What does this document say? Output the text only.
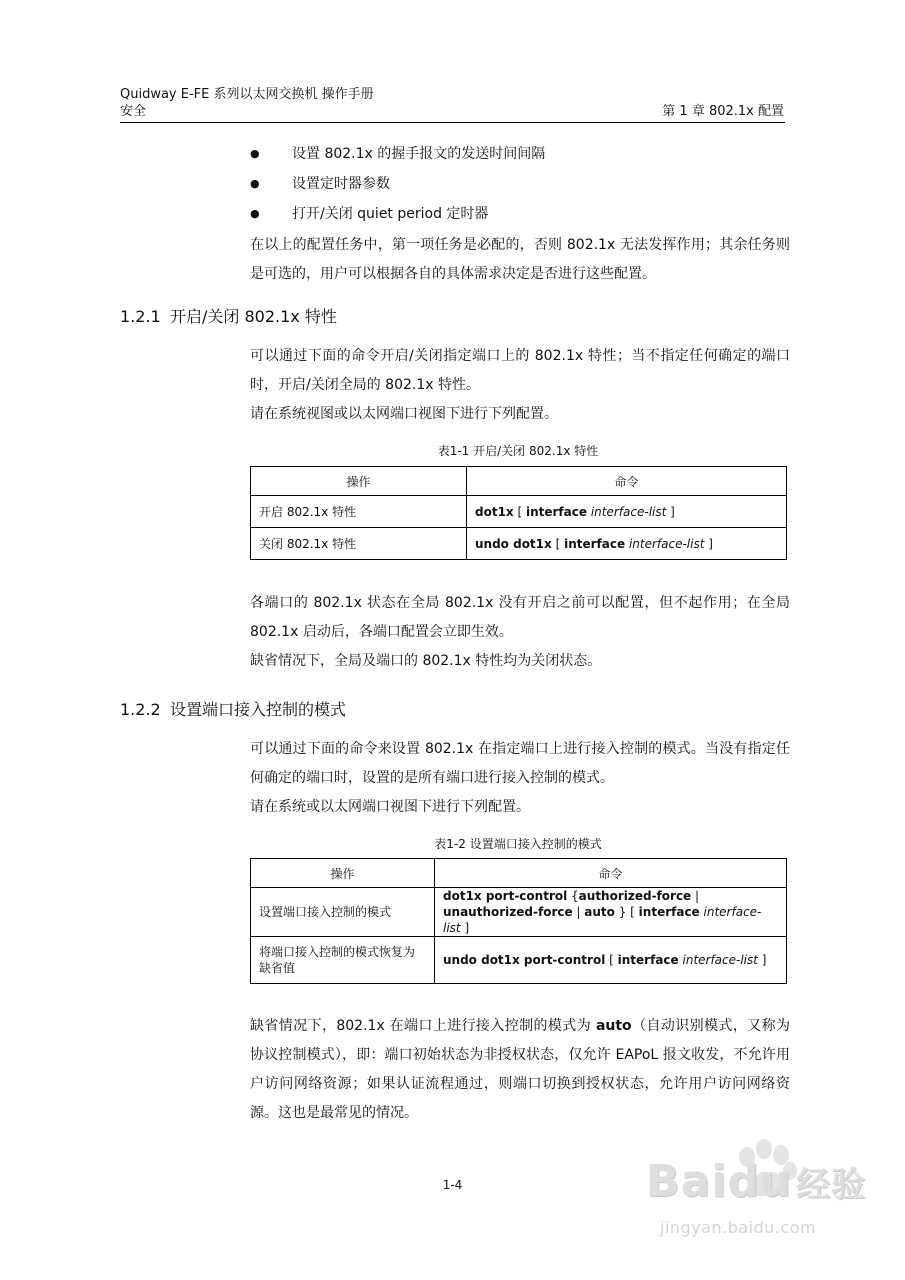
Quidway E-FE 系列以太网交换机 操作手册
安全	第 1 章 802.1x 配置
● 设置 802.1x 的握手报文的发送时间间隔
● 设置定时器参数
● 打开/关闭 quiet period 定时器
在以上的配置任务中，第一项任务是必配的，否则 802.1x 无法发挥作用；其余任务则是可选的，用户可以根据各自的具体需求决定是否进行这些配置。
1.2.1 开启/关闭 802.1x 特性
可以通过下面的命令开启/关闭指定端口上的 802.1x 特性；当不指定任何确定的端口时，开启/关闭全局的 802.1x 特性。
请在系统视图或以太网端口视图下进行下列配置。
表1-1 开启/关闭 802.1x 特性
操作	命令
开启 802.1x 特性	dot1x [ interface interface-list ]
关闭 802.1x 特性	undo dot1x [ interface interface-list ]
各端口的 802.1x 状态在全局 802.1x 没有开启之前可以配置，但不起作用；在全局 802.1x 启动后，各端口配置会立即生效。
缺省情况下，全局及端口的 802.1x 特性均为关闭状态。
1.2.2 设置端口接入控制的模式
可以通过下面的命令来设置 802.1x 在指定端口上进行接入控制的模式。当没有指定任何确定的端口时，设置的是所有端口进行接入控制的模式。
请在系统或以太网端口视图下进行下列配置。
表1-2 设置端口接入控制的模式
操作	命令
设置端口接入控制的模式	dot1x port-control {authorized-force |
unauthorized-force | auto } [ interface interface-list ]
将端口接入控制的模式恢复为缺省值	undo dot1x port-control [ interface interface-list ]
缺省情况下，802.1x 在端口上进行接入控制的模式为 auto（自动识别模式，又称为协议控制模式），即：端口初始状态为非授权状态，仅允许 EAPoL 报文收发，不允许用户访问网络资源；如果认证流程通过，则端口切换到授权状态，允许用户访问网络资源。这也是最常见的情况。
1-4	Baidu 经验
jingyan.baidu.com
